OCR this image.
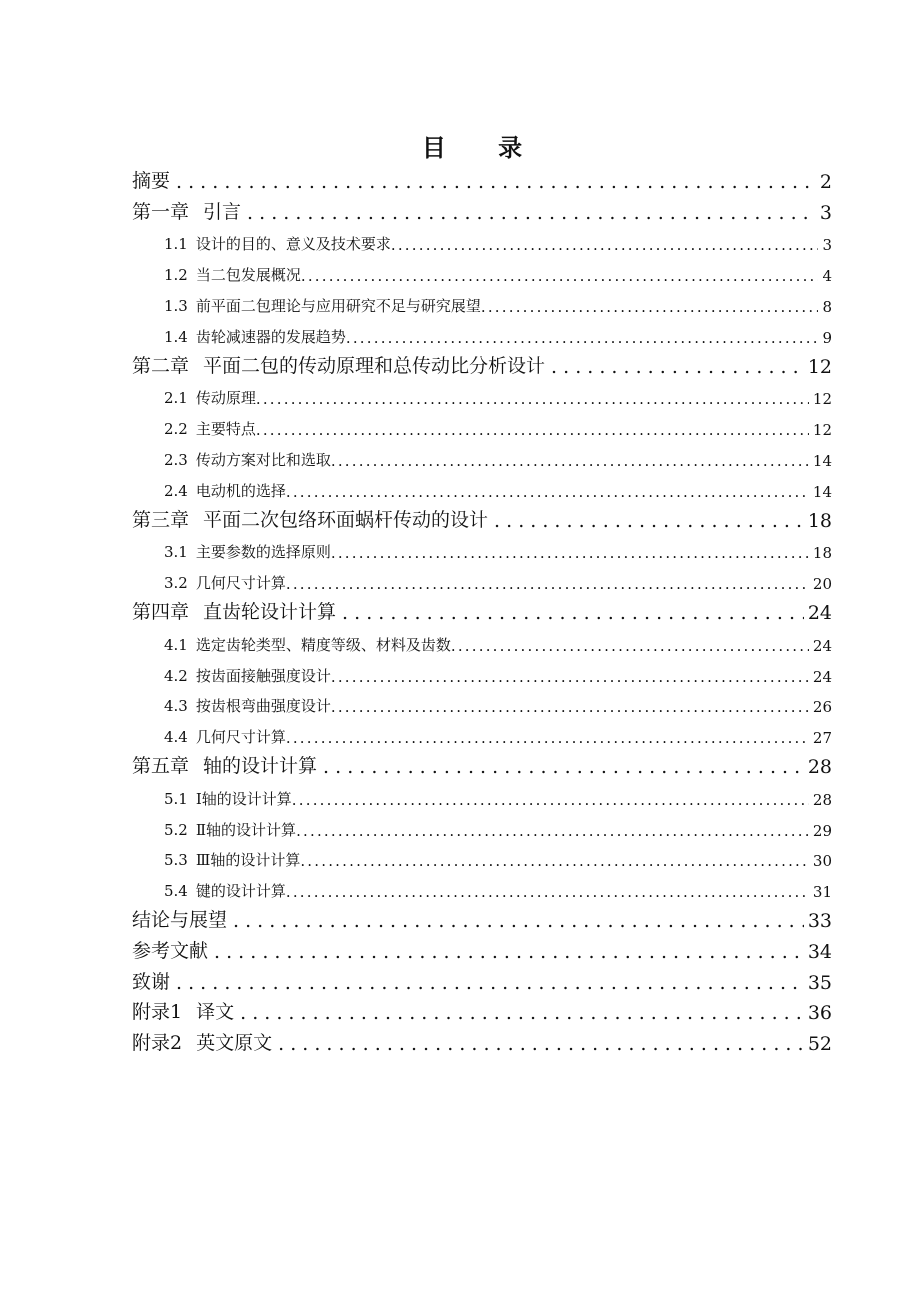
目 录
摘要 . . .	2
第一章 引言 . . .	3
1.1 设计的目的、意义及技术要求 .....	3
1.2 当二包发展概况 .....	4
1.3 前平面二包理论与应用研究不足与研究展望 .....	8
1.4 齿轮减速器的发展趋势 .....	9
第二章 平面二包的传动原理和总传动比分析设计 . . .	12
2.1 传动原理 .....	12
2.2 主要特点 .....	12
2.3 传动方案对比和选取 .....	14
2.4 电动机的选择 .....	14
第三章 平面二次包络环面蜗杆传动的设计 . . .	18
3.1 主要参数的选择原则 .....	18
3.2 几何尺寸计算 .....	20
第四章 直齿轮设计计算 . . .	24
4.1 选定齿轮类型、精度等级、材料及齿数 .....	24
4.2 按齿面接触强度设计 .....	24
4.3 按齿根弯曲强度设计 .....	26
4.4 几何尺寸计算 .....	27
第五章 轴的设计计算 . . .	28
5.1 Ⅰ轴的设计计算 .....	28
5.2 Ⅱ轴的设计计算 .....	29
5.3 Ⅲ轴的设计计算 .....	30
5.4 键的设计计算 .....	31
结论与展望 . . .	33
参考文献 . . .	34
致谢 . . .	35
附录1 译文 . . .	36
附录2 英文原文 . . .	52
